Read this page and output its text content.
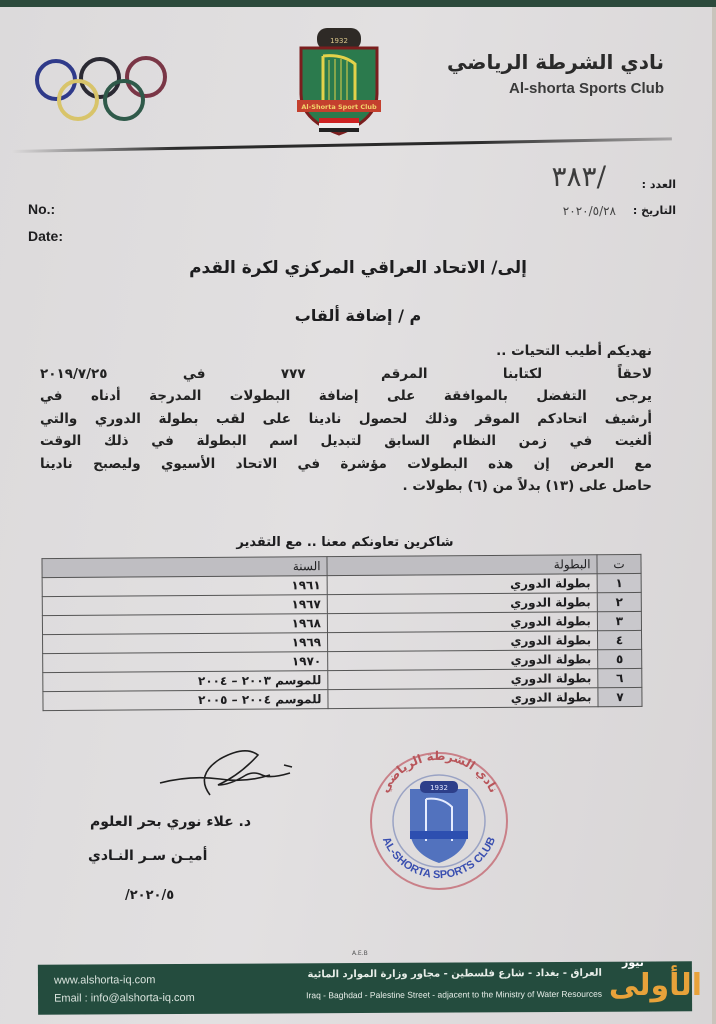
1932
Al-Shorta Sport Club
نادي الشرطة الرياضي
Al-shorta Sports Club
العدد :
٣٨٣/
التاريخ :
٢٠٢٠/٥/٢٨
No.:
Date:
إلى/ الاتحاد العراقي المركزي لكرة القدم
م / إضافة ألقاب
نهديكم أطيب التحيات ..
لاحقاً لكتابنا المرقم ٧٧٧ في ٢٠١٩/٧/٢٥
يرجى التفضل بالموافقة على إضافة البطولات المدرجة أدناه في
أرشيف اتحادكم الموقر وذلك لحصول نادينا على لقب بطولة الدوري والتي
ألغيت في زمن النظام السابق لتبديل اسم البطولة في ذلك الوقت
مع العرض إن هذه البطولات مؤشرة في الاتحاد الأسيوي وليصبح نادينا
حاصل على (١٣) بدلاً من (٦) بطولات .
شاكرين تعاونكم معنا .. مع التقدير
ت	البطولة	السنة
١	بطولة الدوري	١٩٦١
٢	بطولة الدوري	١٩٦٧
٣	بطولة الدوري	١٩٦٨
٤	بطولة الدوري	١٩٦٩
٥	بطولة الدوري	١٩٧٠
٦	بطولة الدوري	للموسم ٢٠٠٣ – ٢٠٠٤
٧	بطولة الدوري	للموسم ٢٠٠٤ – ٢٠٠٥
د. علاء نوري بحر العلوم
أميـن سـر النـادي
٢٠٢٠/٥/
نادي الشرطة الرياضي
AL-SHORTA SPORTS CLUB
1932
A.E.B
www.alshorta-iq.com
Email : info@alshorta-iq.com
العراق - بغداد - شارع فلسطين - مجاور وزارة الموارد المائية
Iraq - Baghdad - Palestine Street - adjacent to the Ministry of Water Resources
نيوز
الأولى
